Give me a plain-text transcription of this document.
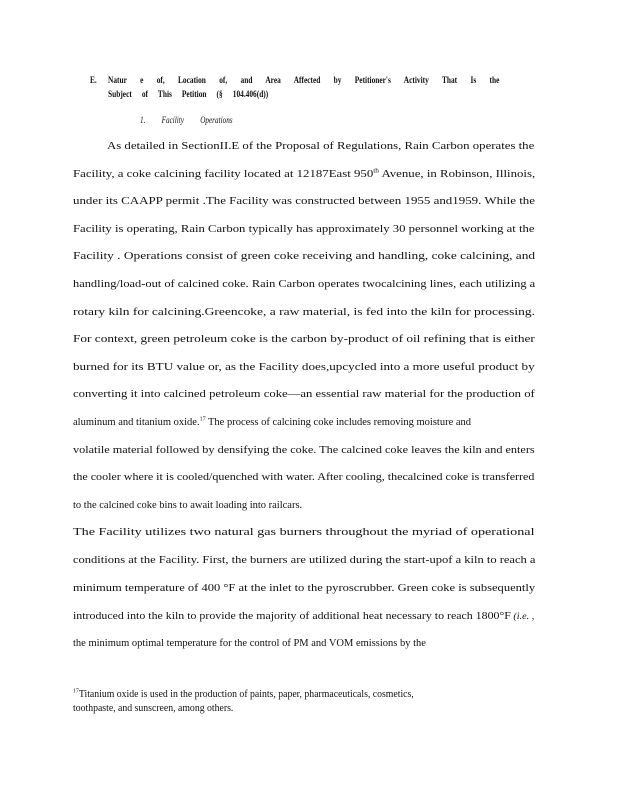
E. Natur e of, Location of, and Area Affected by Petitioner's Activity That Is the
Subject of This Petition (§ 104.406(d))
1. Facility Operations
As detailed in SectionII.E of the Proposal of Regulations, Rain Carbon operates the
Facility, a coke calcining facility located at 12187East 950th Avenue, in Robinson, Illinois,
under its CAAPP permit .The Facility was constructed between 1955 and1959. While the
Facility is operating, Rain Carbon typically has approximately 30 personnel working at the
Facility . Operations consist of green coke receiving and handling, coke calcining, and
handling/load-out of calcined coke. Rain Carbon operates twocalcining lines, each utilizing a
rotary kiln for calcining.Greencoke, a raw material, is fed into the kiln for processing.
For context, green petroleum coke is the carbon by-product of oil refining that is either
burned for its BTU value or, as the Facility does,upcycled into a more useful product by
converting it into calcined petroleum coke—an essential raw material for the production of
aluminum and titanium oxide.$^{17}$ The process of calcining coke includes removing moisture and
volatile material followed by densifying the coke. The calcined coke leaves the kiln and enters
the cooler where it is cooled/quenched with water. After cooling, thecalcined coke is transferred
to the calcined coke bins to await loading into railcars.
The Facility utilizes two natural gas burners throughout the myriad of operational
conditions at the Facility. First, the burners are utilized during the start-upof a kiln to reach a
minimum temperature of 400 °F at the inlet to the pyroscrubber. Green coke is subsequently
introduced into the kiln to provide the majority of additional heat necessary to reach 1800°F (i.e. ,
the minimum optimal temperature for the control of PM and VOM emissions by the
$^{17}$Titanium oxide is used in the production of paints, paper, pharmaceuticals, cosmetics,
toothpaste, and sunscreen, among others.
